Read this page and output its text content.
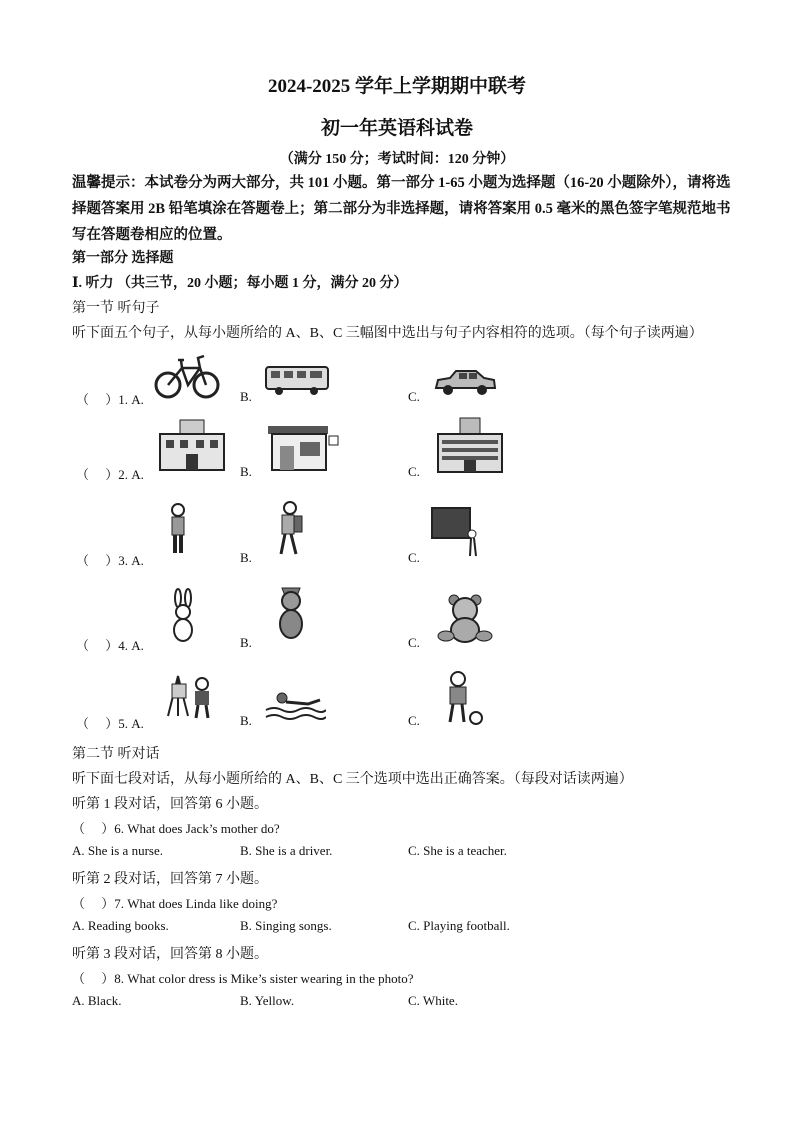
2024-2025 学年上学期期中联考
初一年英语科试卷
（满分 150 分；考试时间：120 分钟）
温馨提示：本试卷分为两大部分，共 101 小题。第一部分 1-65 小题为选择题（16-20 小题除外），请将选择题答案用 2B 铅笔填涂在答题卷上；第二部分为非选择题，请将答案用 0.5 毫米的黑色签字笔规范地书写在答题卷相应的位置。
第一部分 选择题
Ⅰ. 听力 （共三节，20 小题；每小题 1 分，满分 20 分）
第一节 听句子
听下面五个句子，从每小题所给的 A、B、C 三幅图中选出与句子内容相符的选项。（每个句子读两遍）
（　 ）1. A.	B.	C.
（　 ）2. A.	B.	C.
（　 ）3. A.	B.	C.
（　 ）4. A.	B.	C.
（　 ）5. A.	B.	C.
第二节 听对话
听下面七段对话，从每小题所给的 A、B、C 三个选项中选出正确答案。（每段对话读两遍）
听第 1 段对话，回答第 6 小题。
（　 ）6. What does Jack’s mother do?
A. She is a nurse.	B. She is a driver.	C. She is a teacher.
听第 2 段对话，回答第 7 小题。
（　 ）7. What does Linda like doing?
A. Reading books.	B. Singing songs.	C. Playing football.
听第 3 段对话，回答第 8 小题。
（　 ）8. What color dress is Mike’s sister wearing in the photo?
A. Black.	B. Yellow.	C. White.
